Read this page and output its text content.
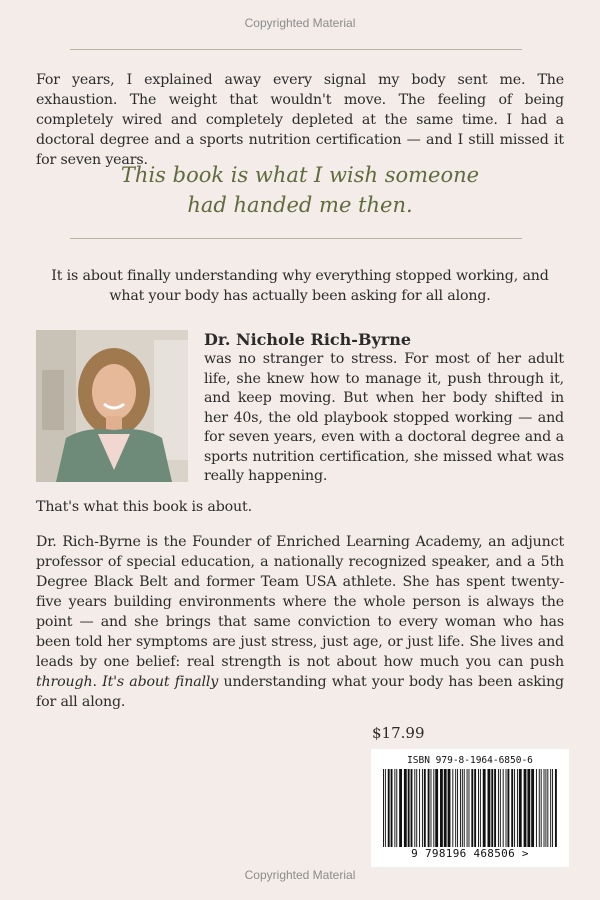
Copyrighted Material
For years, I explained away every signal my body sent me. The exhaustion. The weight that wouldn't move. The feeling of being completely wired and completely depleted at the same time. I had a doctoral degree and a sports nutrition certification — and I still missed it for seven years.
This book is what I wish someone
had handed me then.
It is about finally understanding why everything stopped working, and what your body has actually been asking for all along.
Dr. Nichole Rich-Byrne
was no stranger to stress. For most of her adult life, she knew how to manage it, push through it, and keep moving. But when her body shifted in her 40s, the old playbook stopped working — and for seven years, even with a doctoral degree and a sports nutrition certification, she missed what was really happening.
That's what this book is about.
Dr. Rich-Byrne is the Founder of Enriched Learning Academy, an adjunct professor of special education, a nationally recognized speaker, and a 5th Degree Black Belt and former Team USA athlete. She has spent twenty-five years building environments where the whole person is always the point — and she brings that same conviction to every woman who has been told her symptoms are just stress, just age, or just life. She lives and leads by one belief: real strength is not about how much you can push through. It's about finally understanding what your body has been asking for all along.
$17.99
ISBN 979-8-1964-6850-6
9 798196 468506 >
Copyrighted Material
